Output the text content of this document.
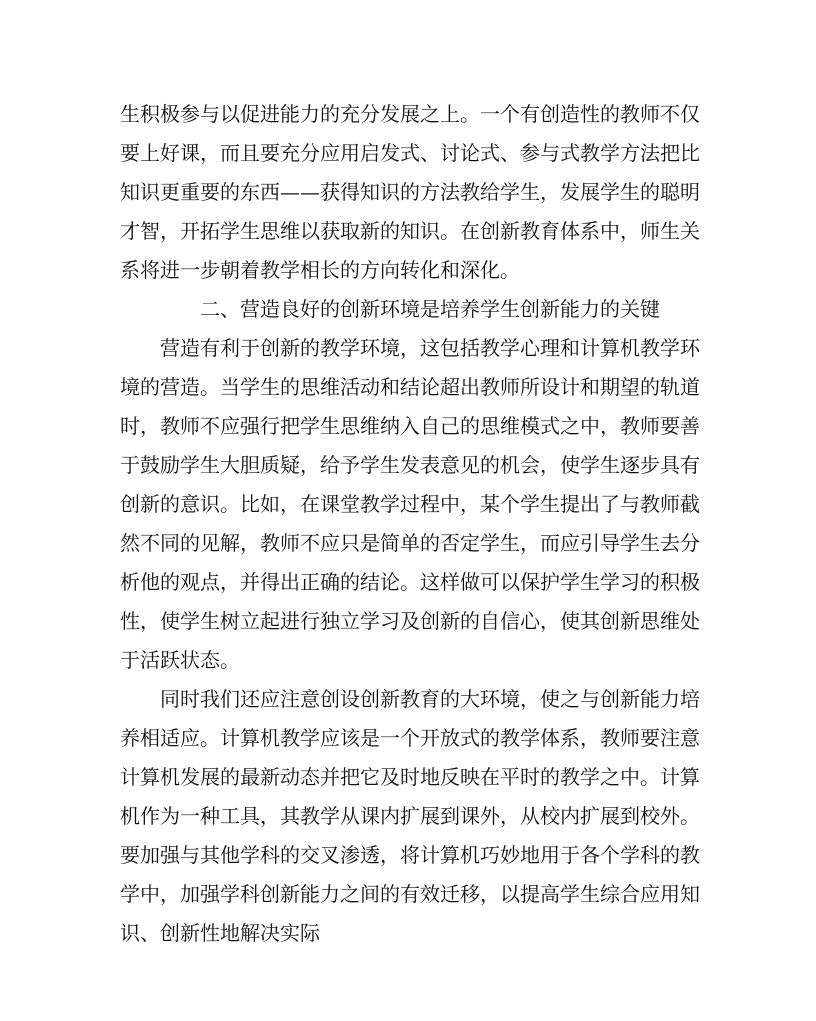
生积极参与以促进能力的充分发展之上。一个有创造性的教师不仅要上好课，而且要充分应用启发式、讨论式、参与式教学方法把比知识更重要的东西——获得知识的方法教给学生，发展学生的聪明才智，开拓学生思维以获取新的知识。在创新教育体系中，师生关系将进一步朝着教学相长的方向转化和深化。

二、营造良好的创新环境是培养学生创新能力的关键

营造有利于创新的教学环境，这包括教学心理和计算机教学环境的营造。当学生的思维活动和结论超出教师所设计和期望的轨道时，教师不应强行把学生思维纳入自己的思维模式之中，教师要善于鼓励学生大胆质疑，给予学生发表意见的机会，使学生逐步具有创新的意识。比如，在课堂教学过程中，某个学生提出了与教师截然不同的见解，教师不应只是简单的否定学生，而应引导学生去分析他的观点，并得出正确的结论。这样做可以保护学生学习的积极性，使学生树立起进行独立学习及创新的自信心，使其创新思维处于活跃状态。

同时我们还应注意创设创新教育的大环境，使之与创新能力培养相适应。计算机教学应该是一个开放式的教学体系，教师要注意计算机发展的最新动态并把它及时地反映在平时的教学之中。计算机作为一种工具，其教学从课内扩展到课外，从校内扩展到校外。要加强与其他学科的交叉渗透，将计算机巧妙地用于各个学科的教学中，加强学科创新能力之间的有效迁移，以提高学生综合应用知识、创新性地解决实际
